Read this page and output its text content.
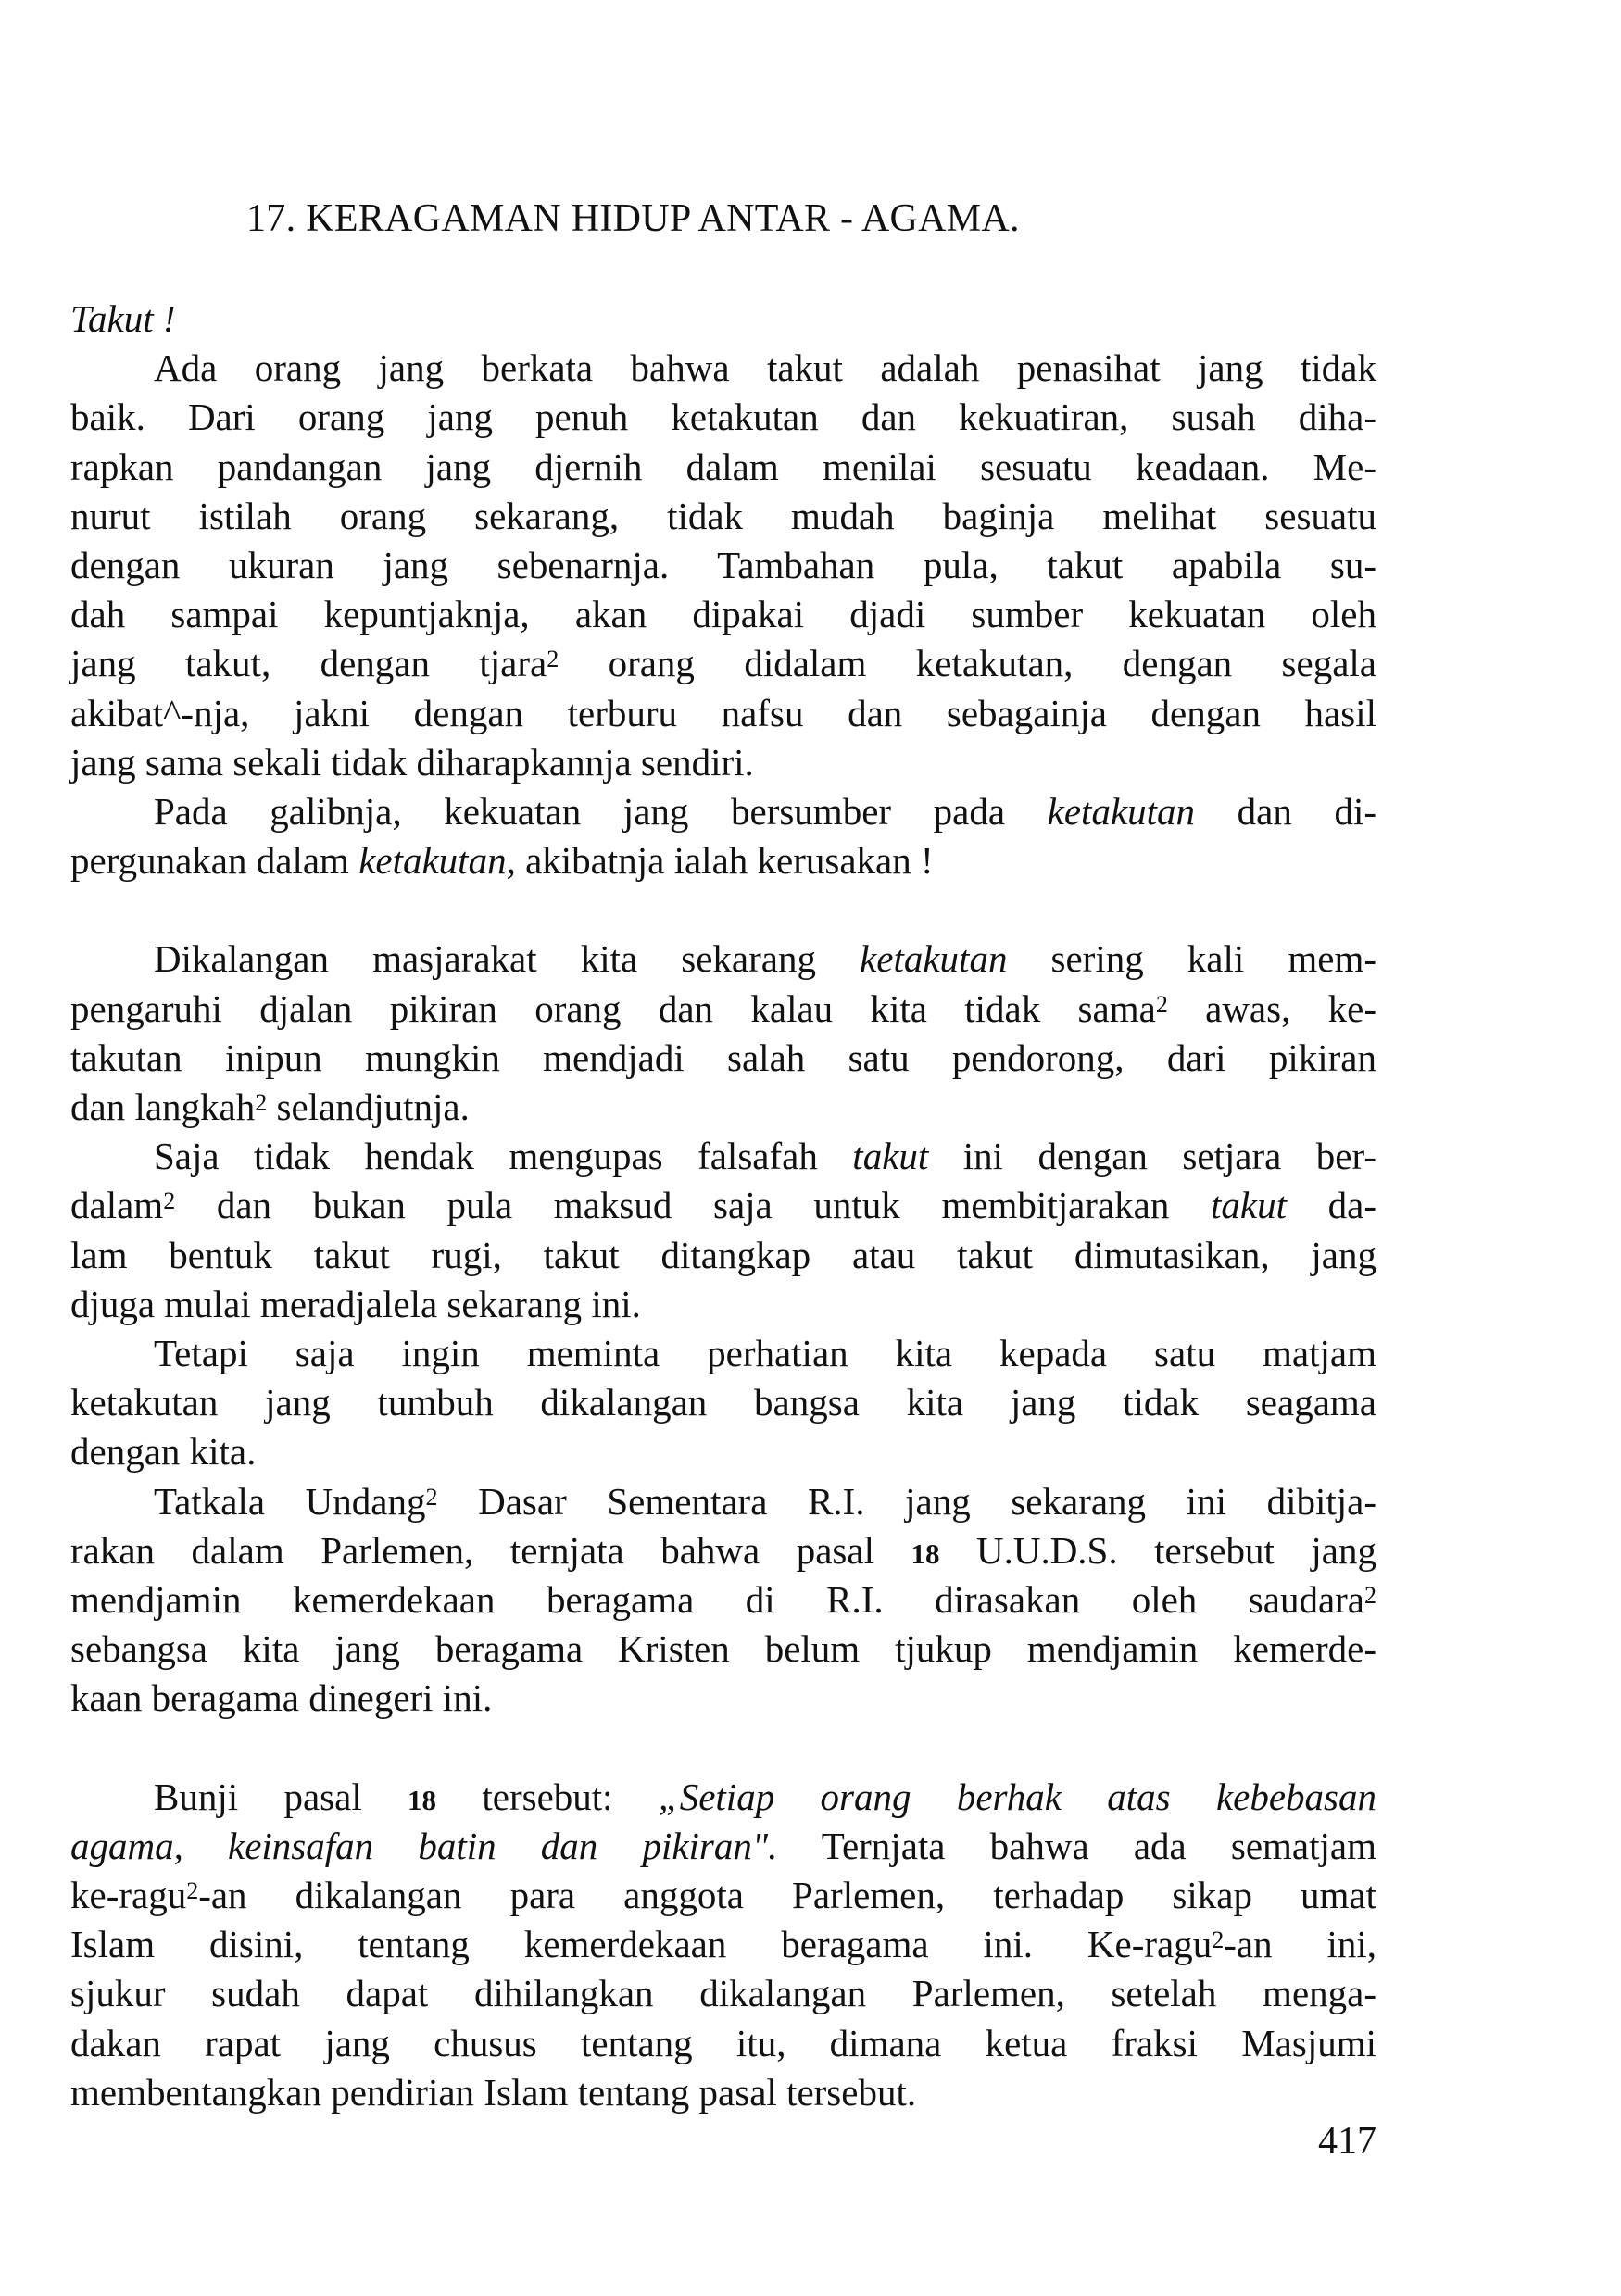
17. KERAGAMAN HIDUP ANTAR - AGAMA.
Takut !
Ada orang jang berkata bahwa takut adalah penasihat jang tidak
baik. Dari orang jang penuh ketakutan dan kekuatiran, susah diha-
rapkan pandangan jang djernih dalam menilai sesuatu keadaan. Me-
nurut istilah orang sekarang, tidak mudah baginja melihat sesuatu
dengan ukuran jang sebenarnja. Tambahan pula, takut apabila su-
dah sampai kepuntjaknja, akan dipakai djadi sumber kekuatan oleh
jang takut, dengan tjara$^2$ orang didalam ketakutan, dengan segala
akibat^-nja, jakni dengan terburu nafsu dan sebagainja dengan hasil
jang sama sekali tidak diharapkannja sendiri.
Pada galibnja, kekuatan jang bersumber pada ketakutan dan di-
pergunakan dalam ketakutan, akibatnja ialah kerusakan !
Dikalangan masjarakat kita sekarang ketakutan sering kali mem-
pengaruhi djalan pikiran orang dan kalau kita tidak sama$^2$ awas, ke-
takutan inipun mungkin mendjadi salah satu pendorong, dari pikiran
dan langkah$^2$ selandjutnja.
Saja tidak hendak mengupas falsafah takut ini dengan setjara ber-
dalam$^2$ dan bukan pula maksud saja untuk membitjarakan takut da-
lam bentuk takut rugi, takut ditangkap atau takut dimutasikan, jang
djuga mulai meradjalela sekarang ini.
Tetapi saja ingin meminta perhatian kita kepada satu matjam
ketakutan jang tumbuh dikalangan bangsa kita jang tidak seagama
dengan kita.
Tatkala Undang$^2$ Dasar Sementara R.I. jang sekarang ini dibitja-
rakan dalam Parlemen, ternjata bahwa pasal 18 U.U.D.S. tersebut jang
mendjamin kemerdekaan beragama di R.I. dirasakan oleh saudara$^2$
sebangsa kita jang beragama Kristen belum tjukup mendjamin kemerde-
kaan beragama dinegeri ini.
Bunji pasal 18 tersebut: „Setiap orang berhak atas kebebasan
agama, keinsafan batin dan pikiran". Ternjata bahwa ada sematjam
ke-ragu$^2$-an dikalangan para anggota Parlemen, terhadap sikap umat
Islam disini, tentang kemerdekaan beragama ini. Ke-ragu$^2$-an ini,
sjukur sudah dapat dihilangkan dikalangan Parlemen, setelah menga-
dakan rapat jang chusus tentang itu, dimana ketua fraksi Masjumi
membentangkan pendirian Islam tentang pasal tersebut.
417
